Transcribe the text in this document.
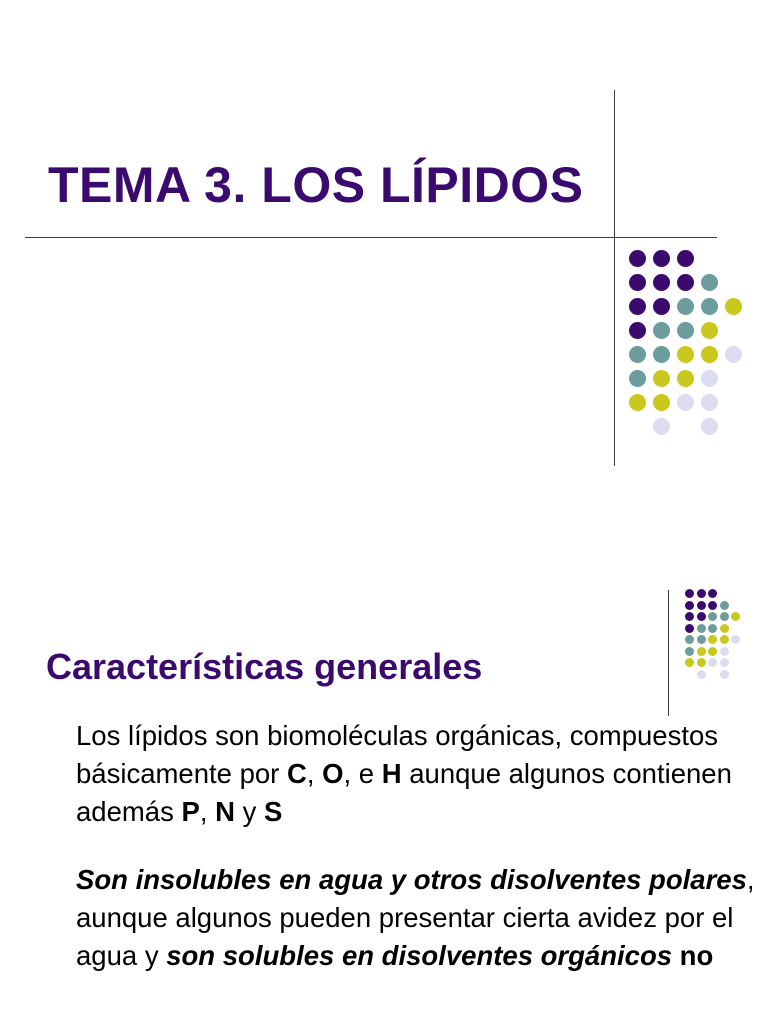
TEMA 3. LOS LÍPIDOS
Características generales

Los lípidos son biomoléculas orgánicas, compuestos básicamente por C, O, e H aunque algunos contienen además P, N y S

Son insolubles en agua y otros disolventes polares, aunque algunos pueden presentar cierta avidez por el agua y son solubles en disolventes orgánicos no
